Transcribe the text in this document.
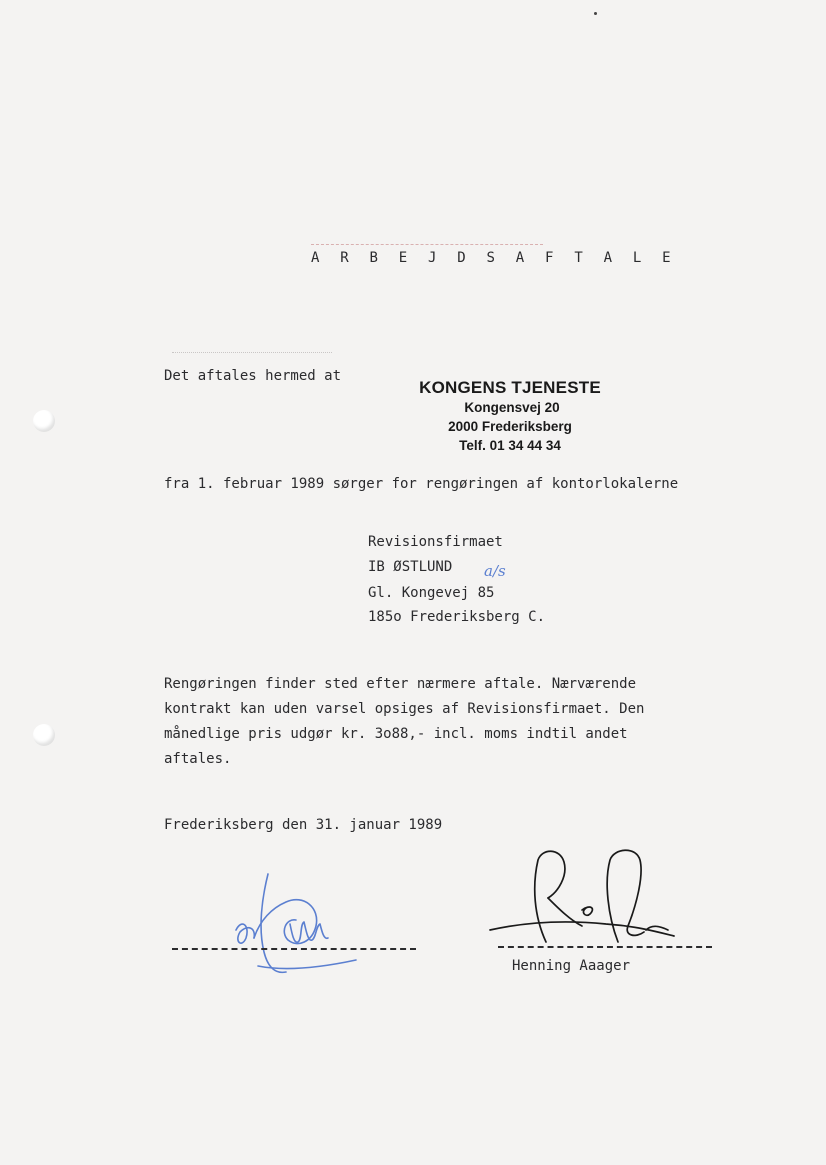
A R B E J D S A F T A L E
Det aftales hermed at
KONGENS TJENESTE
Kongensvej 20
2000 Frederiksberg
Telf. 01 34 44 34
fra 1. februar 1989 sørger for rengøringen af kontorlokalerne
Revisionsfirmaet
IB ØSTLUND a/s
Gl. Kongevej 85
185o Frederiksberg C.
Rengøringen finder sted efter nærmere aftale. Nærværende
kontrakt kan uden varsel opsiges af Revisionsfirmaet. Den
månedlige pris udgør kr. 3o88,- incl. moms indtil andet
aftales.
Frederiksberg den 31. januar 1989
Henning Aaager
